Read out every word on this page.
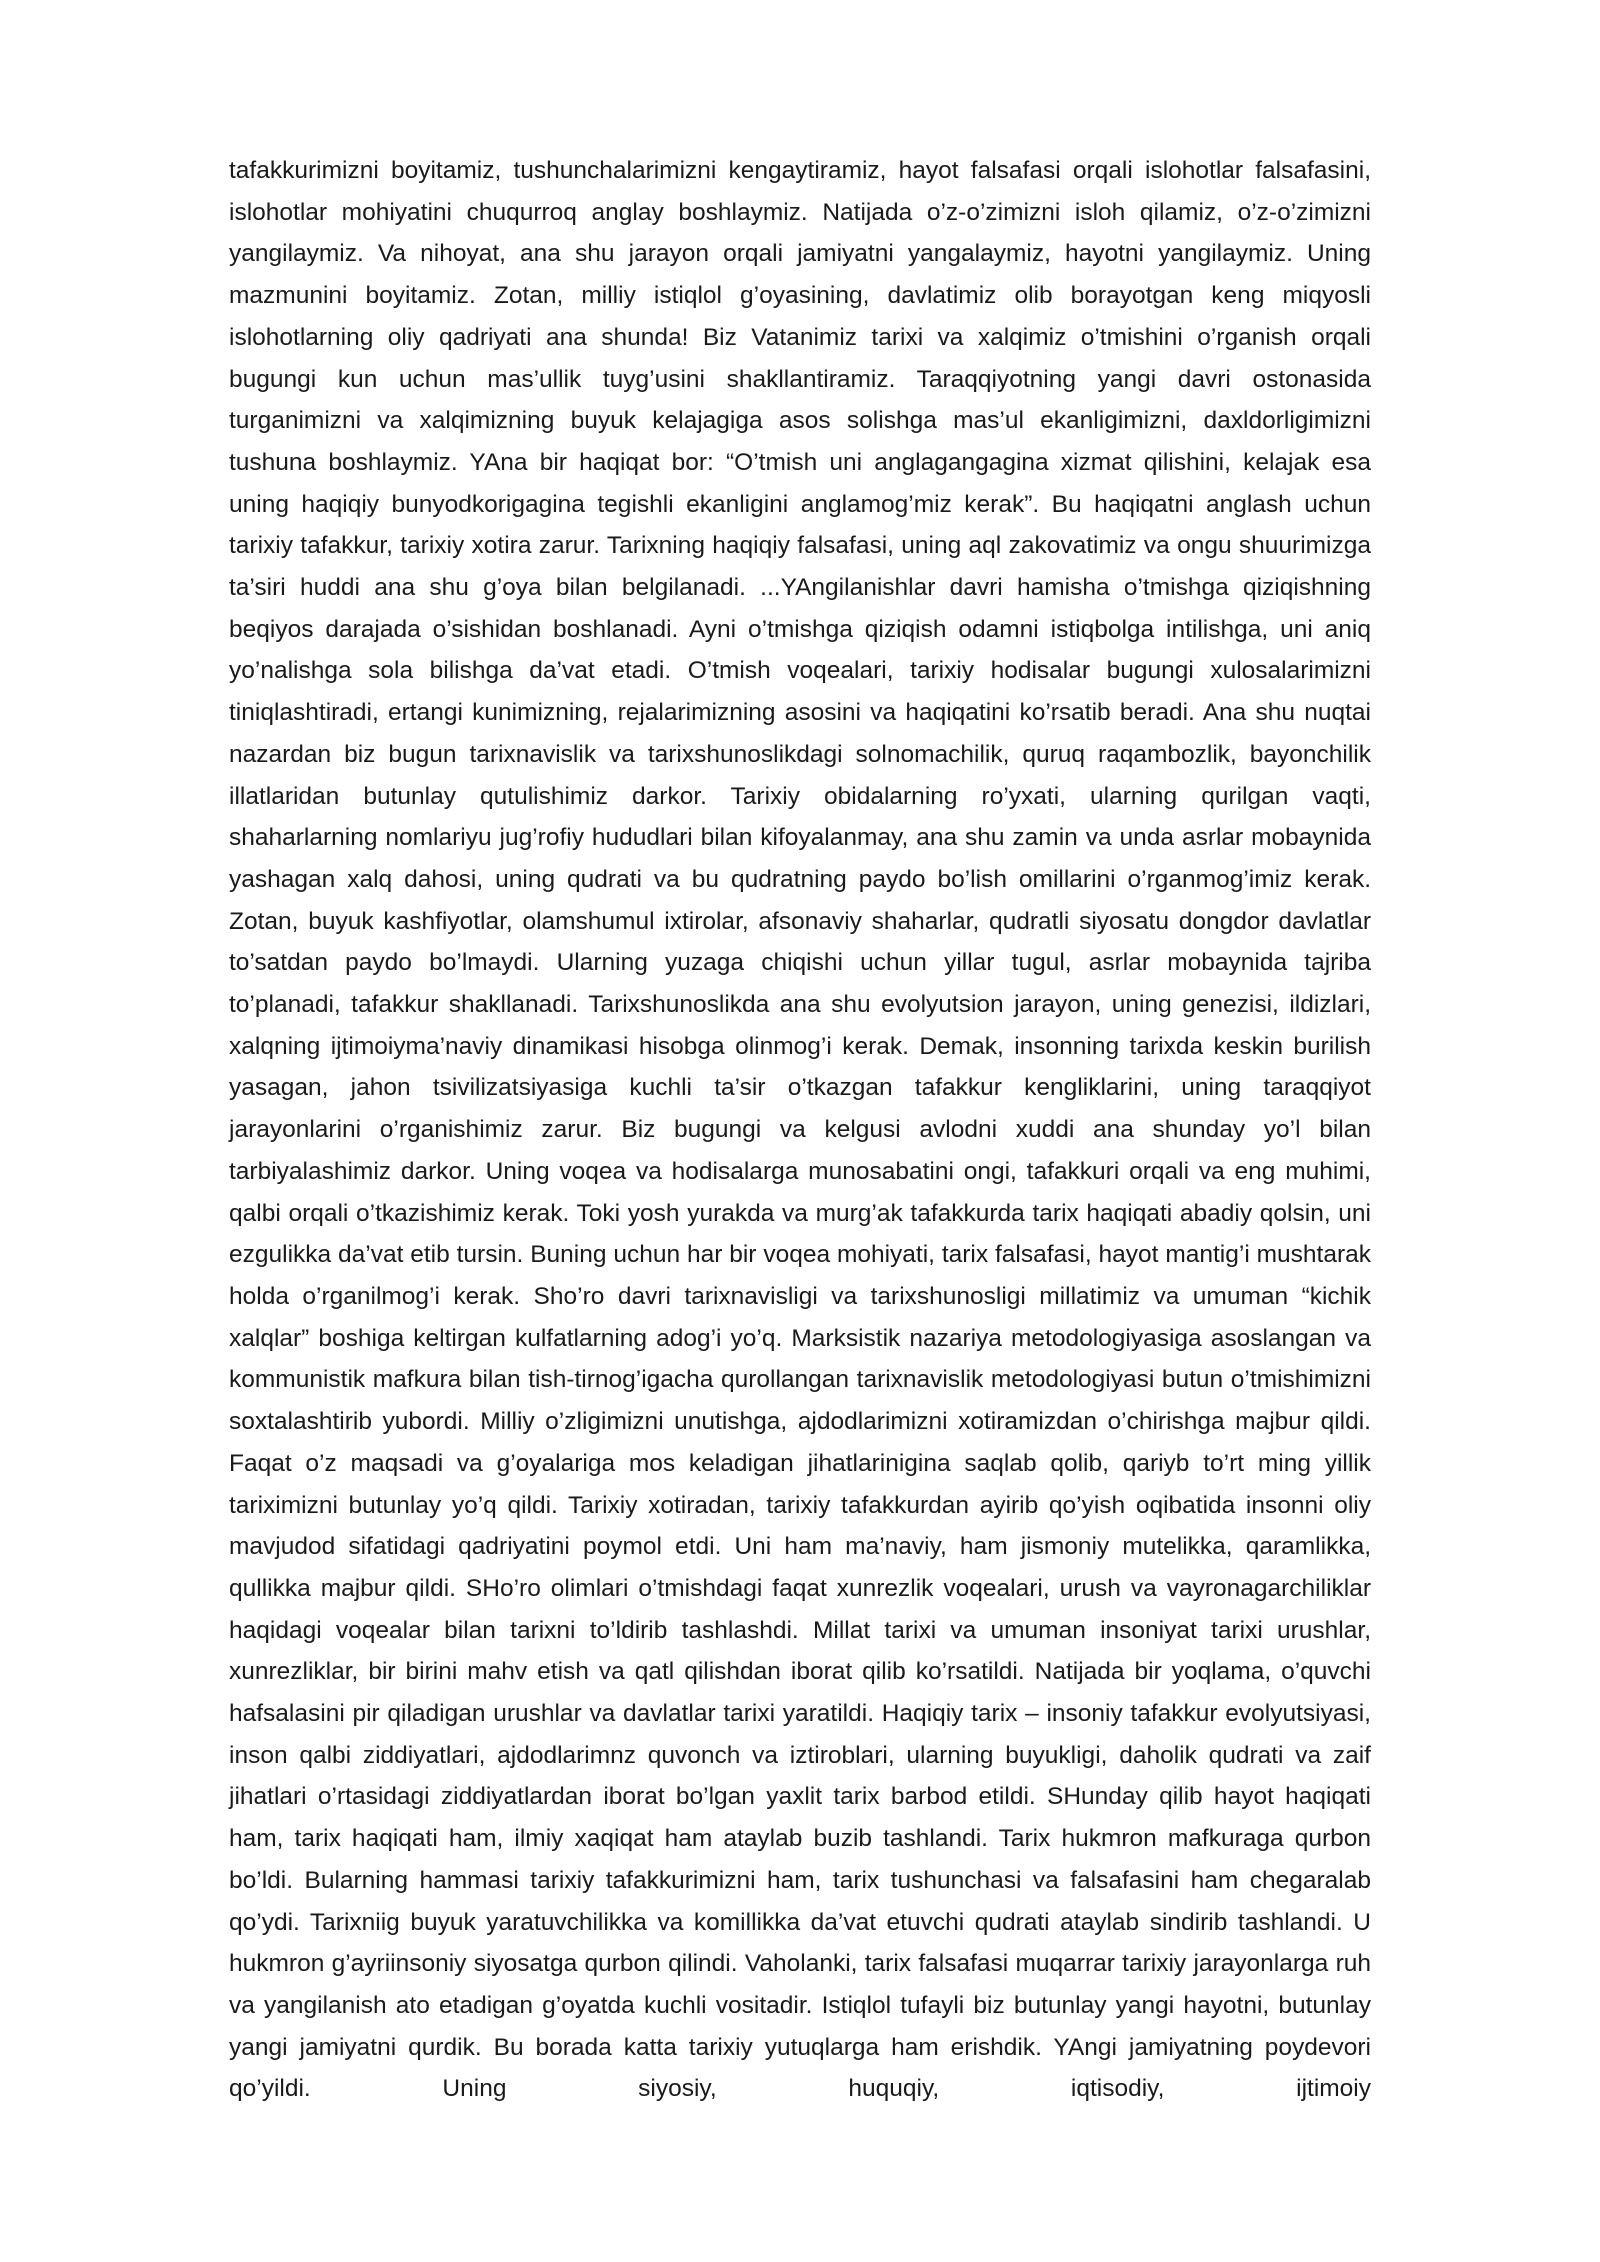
tafakkurimizni boyitamiz, tushunchalarimizni kengaytiramiz, hayot falsafasi orqali islohotlar falsafasini, islohotlar mohiyatini chuqurroq anglay boshlaymiz. Natijada o’z-o’zimizni isloh qilamiz, o’z-o’zimizni yangilaymiz. Va nihoyat, ana shu jarayon orqali jamiyatni yangalaymiz, hayotni yangilaymiz. Uning mazmunini boyitamiz. Zotan, milliy istiqlol g’oyasining, davlatimiz olib borayotgan keng miqyosli islohotlarning oliy qadriyati ana shunda! Biz Vatanimiz tarixi va xalqimiz o’tmishini o’rganish orqali bugungi kun uchun mas’ullik tuyg’usini shakllantiramiz. Taraqqiyotning yangi davri ostonasida turganimizni va xalqimizning buyuk kelajagiga asos solishga mas’ul ekanligimizni, daxldorligimizni tushuna boshlaymiz. YAna bir haqiqat bor: “O’tmish uni anglagangagina xizmat qilishini, kelajak esa uning haqiqiy bunyodkorigagina tegishli ekanligini anglamog’miz kerak”. Bu haqiqatni anglash uchun tarixiy tafakkur, tarixiy xotira zarur. Tarixning haqiqiy falsafasi, uning aql zakovatimiz va ongu shuurimizga ta’siri huddi ana shu g’oya bilan belgilanadi. ...YAngilanishlar davri hamisha o’tmishga qiziqishning beqiyos darajada o’sishidan boshlanadi. Ayni o’tmishga qiziqish odamni istiqbolga intilishga, uni aniq yo’nalishga sola bilishga da’vat etadi. O’tmish voqealari, tarixiy hodisalar bugungi xulosalarimizni tiniqlashtiradi, ertangi kunimizning, rejalarimizning asosini va haqiqatini ko’rsatib beradi. Ana shu nuqtai nazardan biz bugun tarixnavislik va tarixshunoslikdagi solnomachilik, quruq raqambozlik, bayonchilik illatlaridan butunlay qutulishimiz darkor. Tarixiy obidalarning ro’yxati, ularning qurilgan vaqti, shaharlarning nomlariyu jug’rofiy hududlari bilan kifoyalanmay, ana shu zamin va unda asrlar mobaynida yashagan xalq dahosi, uning qudrati va bu qudratning paydo bo’lish omillarini o’rganmog’imiz kerak. Zotan, buyuk kashfiyotlar, olamshumul ixtirolar, afsonaviy shaharlar, qudratli siyosatu dongdor davlatlar to’satdan paydo bo’lmaydi. Ularning yuzaga chiqishi uchun yillar tugul, asrlar mobaynida tajriba to’planadi, tafakkur shakllanadi. Tarixshunoslikda ana shu evolyutsion jarayon, uning genezisi, ildizlari, xalqning ijtimoiyma’naviy dinamikasi hisobga olinmog’i kerak. Demak, insonning tarixda keskin burilish yasagan, jahon tsivilizatsiyasiga kuchli ta’sir o’tkazgan tafakkur kengliklarini, uning taraqqiyot jarayonlarini o’rganishimiz zarur. Biz bugungi va kelgusi avlodni xuddi ana shunday yo’l bilan tarbiyalashimiz darkor. Uning voqea va hodisalarga munosabatini ongi, tafakkuri orqali va eng muhimi, qalbi orqali o’tkazishimiz kerak. Toki yosh yurakda va murg’ak tafakkurda tarix haqiqati abadiy qolsin, uni ezgulikka da’vat etib tursin. Buning uchun har bir voqea mohiyati, tarix falsafasi, hayot mantig’i mushtarak holda o’rganilmog’i kerak. Sho’ro davri tarixnavisligi va tarixshunosligi millatimiz va umuman “kichik xalqlar” boshiga keltirgan kulfatlarning adog’i yo’q. Marksistik nazariya metodologiyasiga asoslangan va kommunistik mafkura bilan tish-tirnog’igacha qurollangan tarixnavislik metodologiyasi butun o’tmishimizni soxtalashtirib yubordi. Milliy o’zligimizni unutishga, ajdodlarimizni xotiramizdan o’chirishga majbur qildi. Faqat o’z maqsadi va g’oyalariga mos keladigan jihatlarinigina saqlab qolib, qariyb to’rt ming yillik tariximizni butunlay yo’q qildi. Tarixiy xotiradan, tarixiy tafakkurdan ayirib qo’yish oqibatida insonni oliy mavjudod sifatidagi qadriyatini poymol etdi. Uni ham ma’naviy, ham jismoniy mutelikka, qaramlikka, qullikka majbur qildi. SHo’ro olimlari o’tmishdagi faqat xunrezlik voqealari, urush va vayronagarchiliklar haqidagi voqealar bilan tarixni to’ldirib tashlashdi. Millat tarixi va umuman insoniyat tarixi urushlar, xunrezliklar, bir birini mahv etish va qatl qilishdan iborat qilib ko’rsatildi. Natijada bir yoqlama, o’quvchi hafsalasini pir qiladigan urushlar va davlatlar tarixi yaratildi. Haqiqiy tarix – insoniy tafakkur evolyutsiyasi, inson qalbi ziddiyatlari, ajdodlarimnz quvonch va iztiroblari, ularning buyukligi, daholik qudrati va zaif jihatlari o’rtasidagi ziddiyatlardan iborat bo’lgan yaxlit tarix barbod etildi. SHunday qilib hayot haqiqati ham, tarix haqiqati ham, ilmiy xaqiqat ham ataylab buzib tashlandi. Tarix hukmron mafkuraga qurbon bo’ldi. Bularning hammasi tarixiy tafakkurimizni ham, tarix tushunchasi va falsafasini ham chegaralab qo’ydi. Tarixniig buyuk yaratuvchilikka va komillikka da’vat etuvchi qudrati ataylab sindirib tashlandi. U hukmron g’ayriinsoniy siyosatga qurbon qilindi. Vaholanki, tarix falsafasi muqarrar tarixiy jarayonlarga ruh va yangilanish ato etadigan g’oyatda kuchli vositadir. Istiqlol tufayli biz butunlay yangi hayotni, butunlay yangi jamiyatni qurdik. Bu borada katta tarixiy yutuqlarga ham erishdik. YAngi jamiyatning poydevori qo’yildi. Uning siyosiy, huquqiy, iqtisodiy, ijtimoiy
